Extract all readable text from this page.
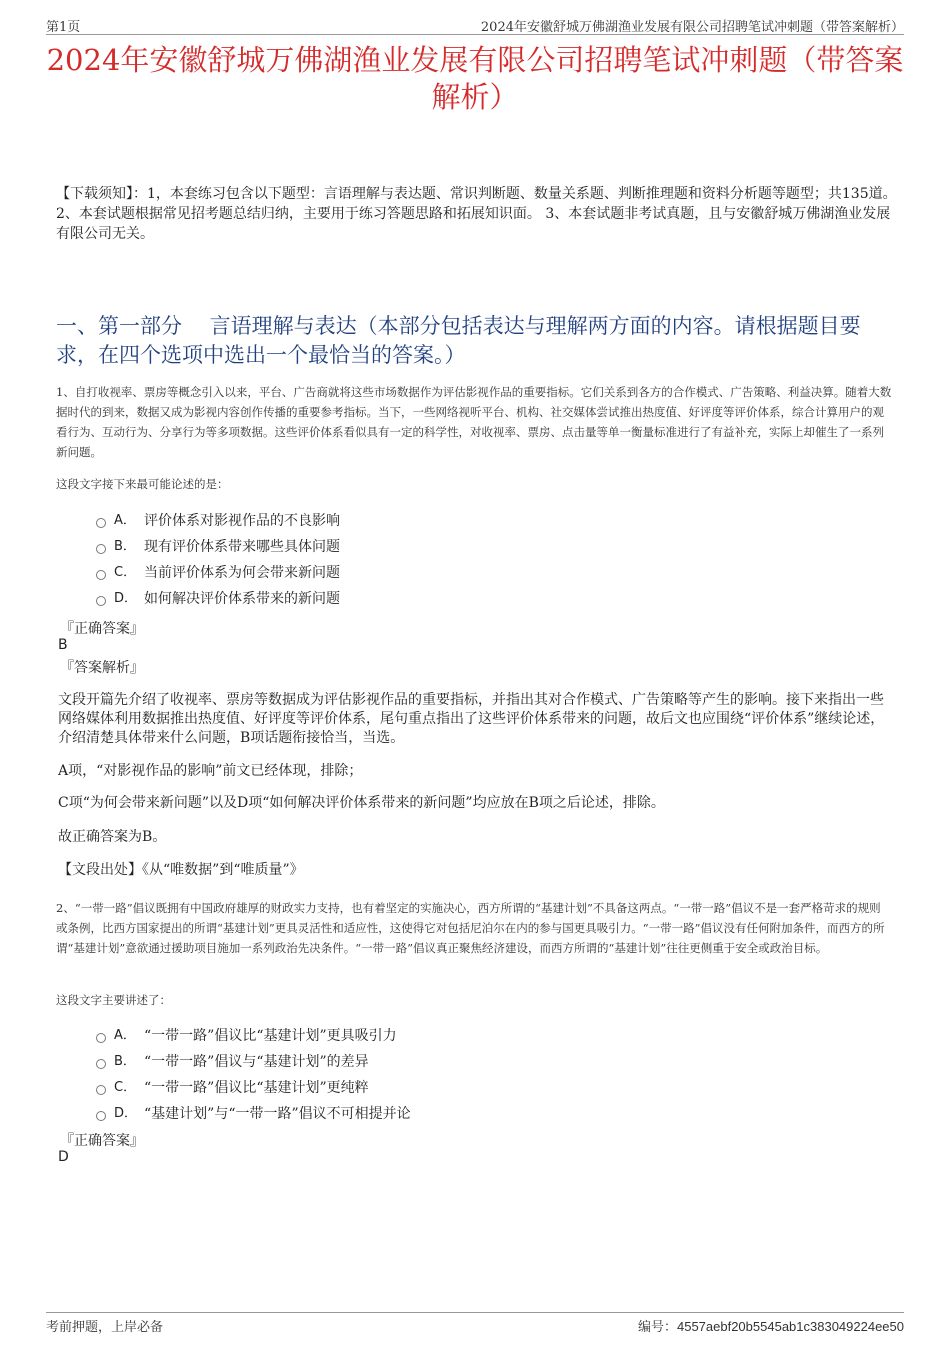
第1页	2024年安徽舒城万佛湖渔业发展有限公司招聘笔试冲刺题（带答案解析）
2024年安徽舒城万佛湖渔业发展有限公司招聘笔试冲刺题（带答案解析）
【下载须知】：1，本套练习包含以下题型：言语理解与表达题、常识判断题、数量关系题、判断推理题和资料分析题等题型；共135道。 2、本套试题根据常见招考题总结归纳，主要用于练习答题思路和拓展知识面。 3、本套试题非考试真题，且与安徽舒城万佛湖渔业发展有限公司无关。
一、第一部分　 言语理解与表达（本部分包括表达与理解两方面的内容。请根据题目要求，在四个选项中选出一个最恰当的答案。）
1、自打收视率、票房等概念引入以来，平台、广告商就将这些市场数据作为评估影视作品的重要指标。它们关系到各方的合作模式、广告策略、利益决算。随着大数据时代的到来，数据又成为影视内容创作传播的重要参考指标。当下，一些网络视听平台、机构、社交媒体尝试推出热度值、好评度等评价体系，综合计算用户的观看行为、互动行为、分享行为等多项数据。这些评价体系看似具有一定的科学性，对收视率、票房、点击量等单一衡量标准进行了有益补充，实际上却催生了一系列新问题。
这段文字接下来最可能论述的是：
A． 评价体系对影视作品的不良影响
B． 现有评价体系带来哪些具体问题
C． 当前评价体系为何会带来新问题
D． 如何解决评价体系带来的新问题
『正确答案』
B
『答案解析』
文段开篇先介绍了收视率、票房等数据成为评估影视作品的重要指标，并指出其对合作模式、广告策略等产生的影响。接下来指出一些网络媒体利用数据推出热度值、好评度等评价体系，尾句重点指出了这些评价体系带来的问题，故后文也应围绕“评价体系”继续论述，介绍清楚具体带来什么问题，B项话题衔接恰当，当选。
A项，“对影视作品的影响”前文已经体现，排除；
C项“为何会带来新问题”以及D项“如何解决评价体系带来的新问题”均应放在B项之后论述，排除。
故正确答案为B。
【文段出处】《从“唯数据”到“唯质量”》
2、“一带一路”倡议既拥有中国政府雄厚的财政实力支持，也有着坚定的实施决心，西方所谓的“基建计划”不具备这两点。“一带一路”倡议不是一套严格苛求的规则或条例，比西方国家提出的所谓“基建计划”更具灵活性和适应性，这使得它对包括尼泊尔在内的参与国更具吸引力。“一带一路”倡议没有任何附加条件，而西方的所谓“基建计划”意欲通过援助项目施加一系列政治先决条件。“一带一路”倡议真正聚焦经济建设，而西方所谓的“基建计划”往往更侧重于安全或政治目标。
这段文字主要讲述了：
A． “一带一路”倡议比“基建计划”更具吸引力
B． “一带一路”倡议与“基建计划”的差异
C． “一带一路”倡议比“基建计划”更纯粹
D． “基建计划”与“一带一路”倡议不可相提并论
『正确答案』
D
考前押题，上岸必备	编号：4557aebf20b5545ab1c383049224ee50
